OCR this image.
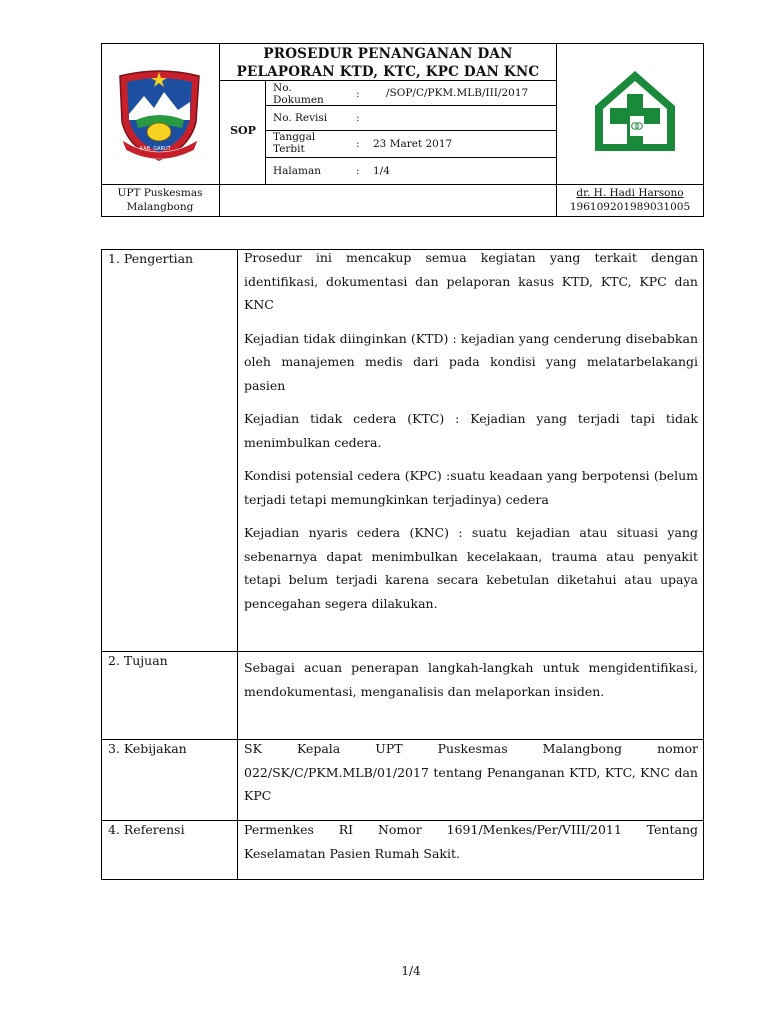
KAB. GARUT
PROSEDUR PENANGANAN DAN
PELAPORAN KTD, KTC, KPC DAN KNC
SOP
No.
Dokumen	:	/SOP/C/PKM.MLB/III/2017
No. Revisi	:
Tanggal
Terbit	: 23 Maret 2017
Halaman	: 1/4
UPT Puskesmas
Malangbong
dr. H. Hadi Harsono
196109201989031005
1. Pengertian	Prosedur ini mencakup semua kegiatan yang terkait dengan identifikasi, dokumentasi dan pelaporan kasus KTD, KTC, KPC dan KNC

Kejadian tidak diinginkan (KTD) : kejadian yang cenderung disebabkan oleh manajemen medis dari pada kondisi yang melatarbelakangi pasien

Kejadian tidak cedera (KTC) : Kejadian yang terjadi tapi tidak menimbulkan cedera.

Kondisi potensial cedera (KPC) :suatu keadaan yang berpotensi (belum terjadi tetapi memungkinkan terjadinya) cedera

Kejadian nyaris cedera (KNC) : suatu kejadian atau situasi yang sebenarnya dapat menimbulkan kecelakaan, trauma atau penyakit tetapi belum terjadi karena secara kebetulan diketahui atau upaya pencegahan segera dilakukan.

2. Tujuan	Sebagai acuan penerapan langkah-langkah untuk mengidentifikasi, mendokumentasi, menganalisis dan melaporkan insiden.

3. Kebijakan	SK Kepala UPT Puskesmas Malangbong nomor 022/SK/C/PKM.MLB/01/2017 tentang Penanganan KTD, KTC, KNC dan KPC

4. Referensi	Permenkes RI Nomor 1691/Menkes/Per/VIII/2011 Tentang Keselamatan Pasien Rumah Sakit.

1/4
